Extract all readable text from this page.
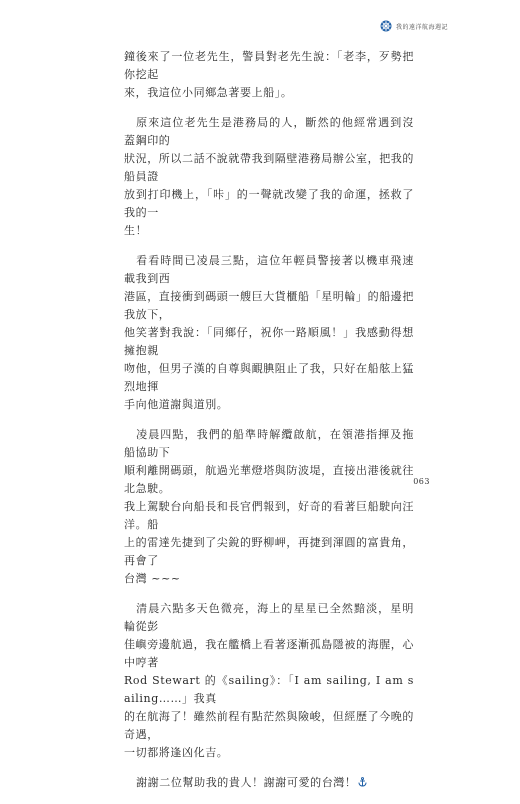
我的遠洋航海週記

鐘後來了一位老先生，警員對老先生說：「老李，歹勢把你挖起
來，我這位小同鄉急著要上船」。

原來這位老先生是港務局的人，斷然的他經常遇到沒蓋鋼印的
狀況，所以二話不說就帶我到隔壁港務局辦公室，把我的船員證
放到打印機上，「咔」的一聲就改變了我的命運，拯救了我的一
生！

看看時間已凌晨三點，這位年輕員警接著以機車飛速載我到西
港區，直接衝到碼頭一艘巨大貨櫃船「星明輪」的船邊把我放下，
他笑著對我說：「同鄉仔，祝你一路順風！」我感動得想擁抱親
吻他，但男子漢的自尊與靦腆阻止了我，只好在船舷上猛烈地揮
手向他道謝與道別。

凌晨四點，我們的船準時解纜啟航，在領港指揮及拖船協助下
順利離開碼頭，航過光華燈塔與防波堤，直接出港後就往北急駛。
我上駕駛台向船長和長官們報到，好奇的看著巨船駛向汪洋。船
上的雷達先捷到了尖銳的野柳岬，再捷到渾圓的富貴角，再會了
台灣 ~~~

清晨六點多天色微亮，海上的星星已全然黯淡，星明輪從彭
佳嶼旁邊航過，我在艦橋上看著逐漸孤島隱被的海腥，心中哼著
Rod Stewart 的《sailing》：「I am sailing, I am sailing……」我真
的在航海了！雖然前程有點茫然與險峻，但經歷了今晚的奇遇，
一切都將逢凶化吉。

謝謝二位幫助我的貴人！謝謝可愛的台灣！

063
